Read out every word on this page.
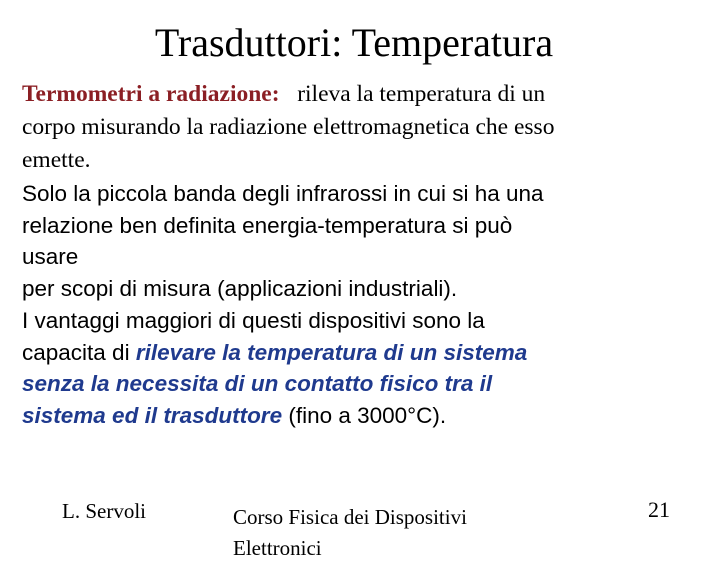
Trasduttori: Temperatura
Termometri a radiazione: rileva la temperatura di un
corpo misurando la radiazione elettromagnetica che esso
emette.
Solo la piccola banda degli infrarossi in cui si ha una
relazione ben definita energia-temperatura si può
usare
per scopi di misura (applicazioni industriali).
I vantaggi maggiori di questi dispositivi sono la
capacita di rilevare la temperatura di un sistema
senza la necessita di un contatto fisico tra il
sistema ed il trasduttore (fino a 3000°C).
L. Servoli	Corso Fisica dei Dispositivi Elettronici
21
